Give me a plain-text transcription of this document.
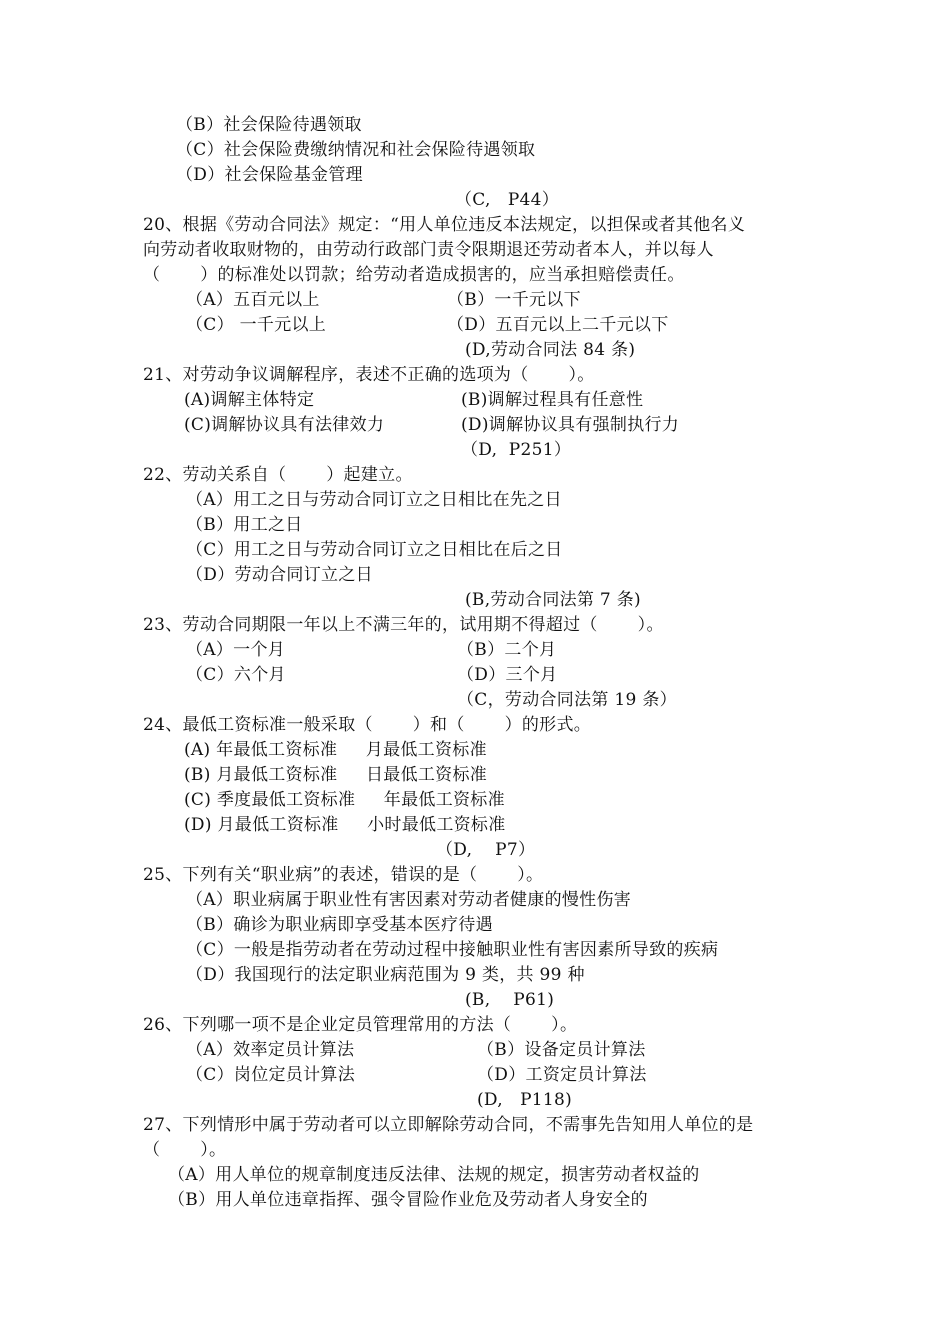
（B）社会保险待遇领取
（C）社会保险费缴纳情况和社会保险待遇领取
（D）社会保险基金管理
（C,   P44）
20、根据《劳动合同法》规定：“用人单位违反本法规定，以担保或者其他名义
向劳动者收取财物的，由劳动行政部门责令限期退还劳动者本人，并以每人
（       ）的标准处以罚款；给劳动者造成损害的，应当承担赔偿责任。
（A）五百元以上	（B）一千元以下
（C） 一千元以上	（D）五百元以上二千元以下
(D,劳动合同法 84 条)
21、对劳动争议调解程序，表述不正确的选项为（       ）。
(A)调解主体特定	(B)调解过程具有任意性
(C)调解协议具有法律效力	(D)调解协议具有强制执行力
（D,  P251）
22、劳动关系自（       ）起建立。
（A）用工之日与劳动合同订立之日相比在先之日
（B）用工之日
（C）用工之日与劳动合同订立之日相比在后之日
（D）劳动合同订立之日
(B,劳动合同法第 7 条)
23、劳动合同期限一年以上不满三年的，试用期不得超过（       ）。
（A）一个月	（B）二个月
（C）六个月	（D）三个月
（C，劳动合同法第 19 条）
24、最低工资标准一般采取（       ）和（       ）的形式。
(A) 年最低工资标准     月最低工资标准
(B) 月最低工资标准     日最低工资标准
(C) 季度最低工资标准     年最低工资标准
(D) 月最低工资标准     小时最低工资标准
（D,    P7）
25、下列有关“职业病”的表述，错误的是（       ）。
（A）职业病属于职业性有害因素对劳动者健康的慢性伤害
（B）确诊为职业病即享受基本医疗待遇
（C）一般是指劳动者在劳动过程中接触职业性有害因素所导致的疾病
（D）我国现行的法定职业病范围为 9 类，共 99 种
(B,    P61)
26、下列哪一项不是企业定员管理常用的方法（       ）。
（A）效率定员计算法	（B）设备定员计算法
（C）岗位定员计算法	（D）工资定员计算法
(D,   P118)
27、下列情形中属于劳动者可以立即解除劳动合同，不需事先告知用人单位的是
（       ）。
（A）用人单位的规章制度违反法律、法规的规定，损害劳动者权益的
（B）用人单位违章指挥、强令冒险作业危及劳动者人身安全的
